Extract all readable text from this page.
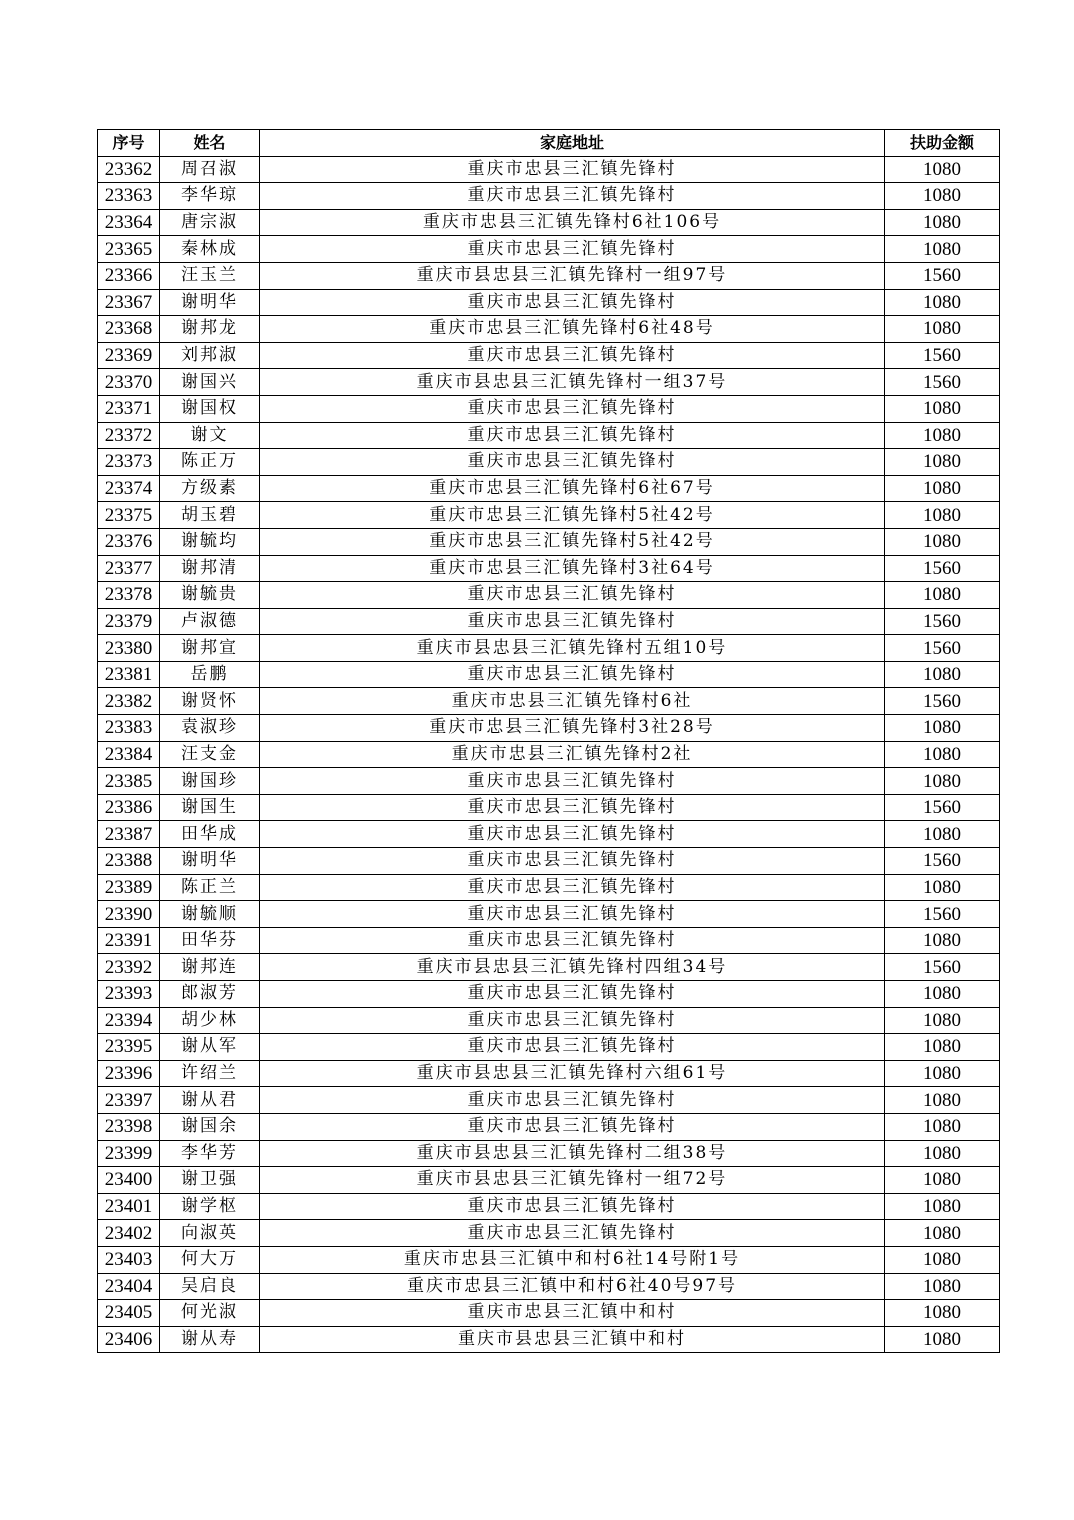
序号	姓名	家庭地址	扶助金额
23362	周召淑	重庆市忠县三汇镇先锋村	1080
23363	李华琼	重庆市忠县三汇镇先锋村	1080
23364	唐宗淑	重庆市忠县三汇镇先锋村6社106号	1080
23365	秦林成	重庆市忠县三汇镇先锋村	1080
23366	汪玉兰	重庆市县忠县三汇镇先锋村一组97号	1560
23367	谢明华	重庆市忠县三汇镇先锋村	1080
23368	谢邦龙	重庆市忠县三汇镇先锋村6社48号	1080
23369	刘邦淑	重庆市忠县三汇镇先锋村	1560
23370	谢国兴	重庆市县忠县三汇镇先锋村一组37号	1560
23371	谢国权	重庆市忠县三汇镇先锋村	1080
23372	谢文	重庆市忠县三汇镇先锋村	1080
23373	陈正万	重庆市忠县三汇镇先锋村	1080
23374	方级素	重庆市忠县三汇镇先锋村6社67号	1080
23375	胡玉碧	重庆市忠县三汇镇先锋村5社42号	1080
23376	谢毓均	重庆市忠县三汇镇先锋村5社42号	1080
23377	谢邦清	重庆市忠县三汇镇先锋村3社64号	1560
23378	谢毓贵	重庆市忠县三汇镇先锋村	1080
23379	卢淑德	重庆市忠县三汇镇先锋村	1560
23380	谢邦宣	重庆市县忠县三汇镇先锋村五组10号	1560
23381	岳鹏	重庆市忠县三汇镇先锋村	1080
23382	谢贤怀	重庆市忠县三汇镇先锋村6社	1560
23383	袁淑珍	重庆市忠县三汇镇先锋村3社28号	1080
23384	汪支金	重庆市忠县三汇镇先锋村2社	1080
23385	谢国珍	重庆市忠县三汇镇先锋村	1080
23386	谢国生	重庆市忠县三汇镇先锋村	1560
23387	田华成	重庆市忠县三汇镇先锋村	1080
23388	谢明华	重庆市忠县三汇镇先锋村	1560
23389	陈正兰	重庆市忠县三汇镇先锋村	1080
23390	谢毓顺	重庆市忠县三汇镇先锋村	1560
23391	田华芬	重庆市忠县三汇镇先锋村	1080
23392	谢邦连	重庆市县忠县三汇镇先锋村四组34号	1560
23393	郎淑芳	重庆市忠县三汇镇先锋村	1080
23394	胡少林	重庆市忠县三汇镇先锋村	1080
23395	谢从军	重庆市忠县三汇镇先锋村	1080
23396	许绍兰	重庆市县忠县三汇镇先锋村六组61号	1080
23397	谢从君	重庆市忠县三汇镇先锋村	1080
23398	谢国余	重庆市忠县三汇镇先锋村	1080
23399	李华芳	重庆市县忠县三汇镇先锋村二组38号	1080
23400	谢卫强	重庆市县忠县三汇镇先锋村一组72号	1080
23401	谢学枢	重庆市忠县三汇镇先锋村	1080
23402	向淑英	重庆市忠县三汇镇先锋村	1080
23403	何大万	重庆市忠县三汇镇中和村6社14号附1号	1080
23404	吴启良	重庆市忠县三汇镇中和村6社40号97号	1080
23405	何光淑	重庆市忠县三汇镇中和村	1080
23406	谢从寿	重庆市县忠县三汇镇中和村	1080
